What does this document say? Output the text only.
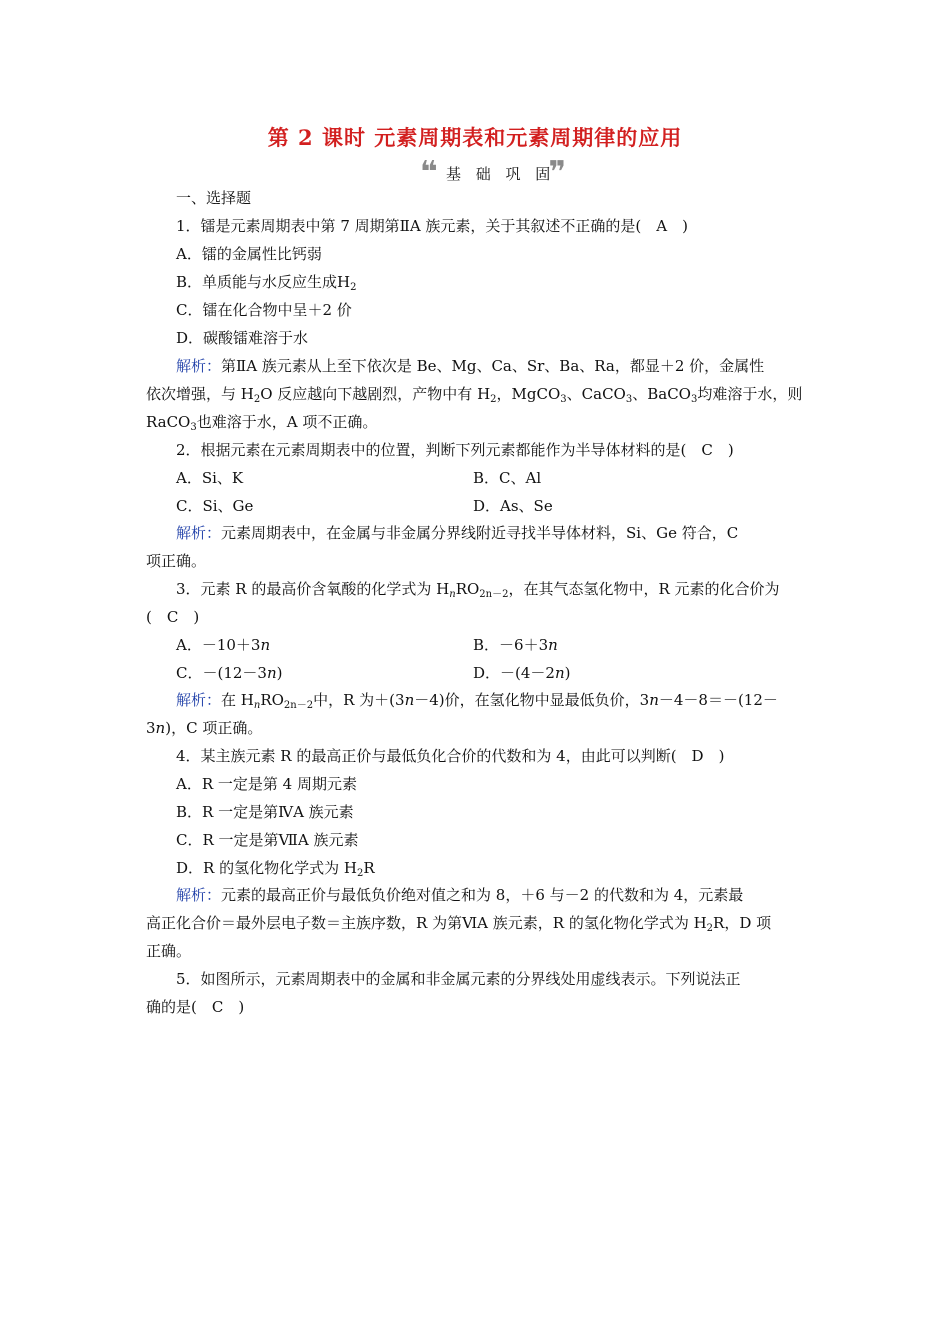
第 2 课时 元素周期表和元素周期律的应用
❝ 基 础 巩 固
❞
一、选择题
1．镭是元素周期表中第 7 周期第ⅡA 族元素，关于其叙述不正确的是(　A　)
A．镭的金属性比钙弱
B．单质能与水反应生成$H_2$
C．镭在化合物中呈＋2 价
D．碳酸镭难溶于水
解析：第ⅡA 族元素从上至下依次是 Be、Mg、Ca、Sr、Ba、Ra，都显＋2 价，金属性
依次增强，与 $H_2O$ 反应越向下越剧烈，产物中有 $H_2$，MgCO$_3$、CaCO$_3$、BaCO$_3$均难溶于水，则
RaCO$_3$也难溶于水，A 项不正确。
2．根据元素在元素周期表中的位置，判断下列元素都能作为半导体材料的是(　C　)
A．Si、K	B．C、Al
C．Si、Ge	D．As、Se
解析：元素周期表中，在金属与非金属分界线附近寻找半导体材料，Si、Ge 符合，C
项正确。
3．元素 R 的最高价含氧酸的化学式为 $H_nRO_{2n-2}$，在其气态氢化物中，R 元素的化合价为
(　C　)
A．－10＋3n	B．－6＋3n
C．－(12－3n)	D．－(4－2n)
解析：在 $H_nRO_{2n-2}$中，R 为＋(3n－4)价，在氢化物中显最低负价，3n－4－8＝－(12－
3n)，C 项正确。
4．某主族元素 R 的最高正价与最低负化合价的代数和为 4，由此可以判断(　D　)
A．R 一定是第 4 周期元素
B．R 一定是第ⅣA 族元素
C．R 一定是第ⅦA 族元素
D．R 的氢化物化学式为 $H_2R$
解析：元素的最高正价与最低负价绝对值之和为 8，＋6 与－2 的代数和为 4，元素最
高正化合价＝最外层电子数＝主族序数，R 为第ⅥA 族元素，R 的氢化物化学式为 $H_2R$，D 项
正确。
5．如图所示，元素周期表中的金属和非金属元素的分界线处用虚线表示。下列说法正
确的是(　C　)
